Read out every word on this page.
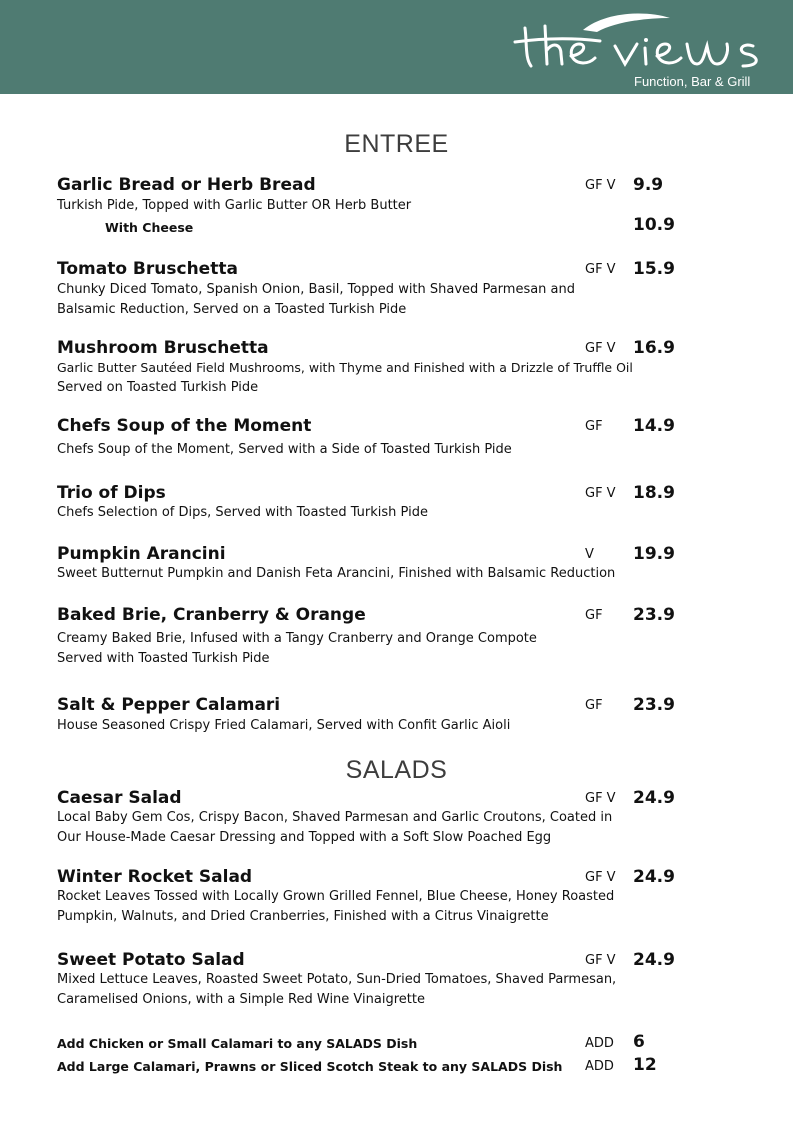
Function, Bar & Grill
ENTREE
Garlic Bread or Herb Bread	GF V 9.9
Turkish Pide, Topped with Garlic Butter OR Herb Butter
With Cheese	10.9
Tomato Bruschetta	GF V 15.9
Chunky Diced Tomato, Spanish Onion, Basil, Topped with Shaved Parmesan and
Balsamic Reduction, Served on a Toasted Turkish Pide
Mushroom Bruschetta	GF V 16.9
Garlic Butter Sautéed Field Mushrooms, with Thyme and Finished with a Drizzle of Truffle Oil
Served on Toasted Turkish Pide
Chefs Soup of the Moment	GF 14.9
Chefs Soup of the Moment, Served with a Side of Toasted Turkish Pide
Trio of Dips	GF V 18.9
Chefs Selection of Dips, Served with Toasted Turkish Pide
Pumpkin Arancini	V 19.9
Sweet Butternut Pumpkin and Danish Feta Arancini, Finished with Balsamic Reduction
Baked Brie, Cranberry & Orange	GF 23.9
Creamy Baked Brie, Infused with a Tangy Cranberry and Orange Compote
Served with Toasted Turkish Pide
Salt & Pepper Calamari	GF 23.9
House Seasoned Crispy Fried Calamari, Served with Confit Garlic Aioli
SALADS
Caesar Salad	GF V 24.9
Local Baby Gem Cos, Crispy Bacon, Shaved Parmesan and Garlic Croutons, Coated in
Our House-Made Caesar Dressing and Topped with a Soft Slow Poached Egg
Winter Rocket Salad	GF V 24.9
Rocket Leaves Tossed with Locally Grown Grilled Fennel, Blue Cheese, Honey Roasted
Pumpkin, Walnuts, and Dried Cranberries, Finished with a Citrus Vinaigrette
Sweet Potato Salad	GF V 24.9
Mixed Lettuce Leaves, Roasted Sweet Potato, Sun-Dried Tomatoes, Shaved Parmesan,
Caramelised Onions, with a Simple Red Wine Vinaigrette
Add Chicken or Small Calamari to any SALADS Dish	ADD 6
Add Large Calamari, Prawns or Sliced Scotch Steak to any SALADS Dish ADD 12
